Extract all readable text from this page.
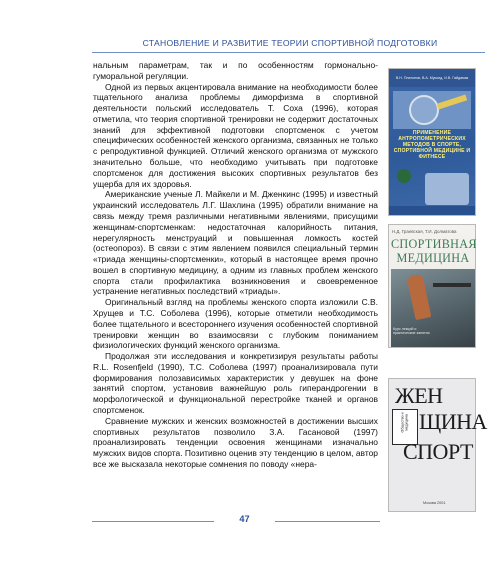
СТАНОВЛЕНИЕ И РАЗВИТИЕ ТЕОРИИ СПОРТИВНОЙ ПОДГОТОВКИ

нальным параметрам, так и по особенностям гормонально-гуморальной регуляции.

Одной из первых акцентировала внимание на необходимости более тщательного анализа проблемы диморфизма в спортивной деятельности польский исследователь Т. Соха (1996), которая отметила, что теория спортивной тренировки не содержит достаточных знаний для эффективной подготовки спортсменок с учетом специфических особенностей женского организма, связанных не только с репродуктивной функцией. Отличий женского организма от мужского значительно больше, что необходимо учитывать при подготовке спортсменок для достижения высоких спортивных результатов без ущерба для их здоровья.

Американские ученые Л. Майкели и М. Дженкинс (1995) и известный украинский исследователь Л.Г. Шахлина (1995) обратили внимание на связь между тремя различными негативными явлениями, присущими женщинам-спортсменкам: недостаточная калорийность питания, нерегулярность менструаций и повышенная ломкость костей (остеопороз). В связи с этим явлением появился специальный термин «триада женщины-спортсменки», который в настоящее время прочно вошел в спортивную медицину, а одним из главных проблем женского спорта стали профилактика возникновения и своевременное устранение негативных последствий «триады».

Оригинальный взгляд на проблемы женского спорта изложили С.В. Хрущев и Т.С. Соболева (1996), которые отметили необходимость более тщательного и всестороннего изучения особенностей спортивной тренировки женщин во взаимосвязи с глубоким пониманием физиологических функций женского организма.

Продолжая эти исследования и конкретизируя результаты работы R.L. Rosenfjeld (1990), Т.С. Соболева (1997) проанализировала пути формирования полозависимых характеристик у девушек на фоне занятий спортом, установив важнейшую роль гиперандрогении в морфологической и функциональной перестройке тканей и органов спортсменок.

Сравнение мужских и женских возможностей в достижении высших спортивных результатов позволило З.А. Гасановой (1997) проанализировать тенденции освоения женщинами изначально мужских видов спорта. Позитивно оценив эту тенденцию в целом, автор все же высказала некоторые сомнения по поводу «нера-

В.Н. Платонов, В.А. Мукоид, И.В. Гайдамак
ПРИМЕНЕНИЕ АНТРОПОМЕТРИЧЕСКИХ МЕТОДОВ В СПОРТЕ, СПОРТИВНОЙ МЕДИЦИНЕ И ФИТНЕСЕ
Н.Д. Граевская, Т.И. Долматова
СПОРТИВНАЯ
МЕДИЦИНА
Курс лекций и практические занятия
ЖЕН
Общество и медицина ЩИНА
СПОРТ
Москва 2001
47
